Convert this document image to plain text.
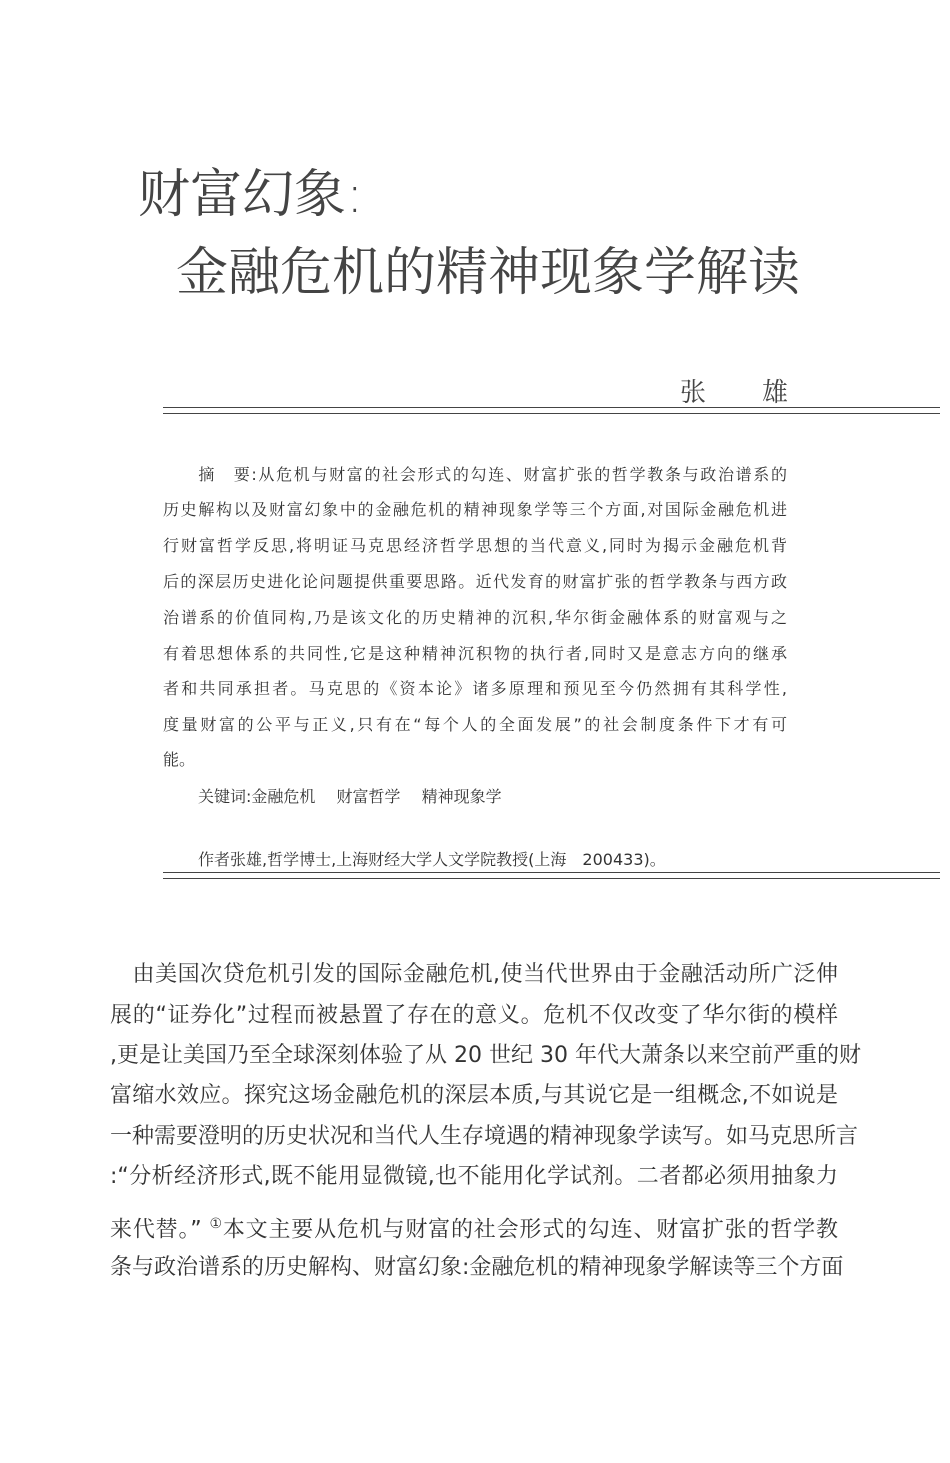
财富幻象:
金融危机的精神现象学解读
张雄
　　摘　要:从危机与财富的社会形式的勾连、财富扩张的哲学教条与政治谱系的
历史解构以及财富幻象中的金融危机的精神现象学等三个方面,对国际金融危机进
行财富哲学反思,将明证马克思经济哲学思想的当代意义,同时为揭示金融危机背
后的深层历史进化论问题提供重要思路。近代发育的财富扩张的哲学教条与西方政
治谱系的价值同构,乃是该文化的历史精神的沉积,华尔街金融体系的财富观与之
有着思想体系的共同性,它是这种精神沉积物的执行者,同时又是意志方向的继承
者和共同承担者。马克思的《资本论》诸多原理和预见至今仍然拥有其科学性,
度量财富的公平与正义,只有在“每个人的全面发展”的社会制度条件下才有可
能。
关键词:金融危机　 财富哲学　 精神现象学
作者张雄,哲学博士,上海财经大学人文学院教授(上海　200433)。
　由美国次贷危机引发的国际金融危机,使当代世界由于金融活动所广泛伸
展的“证券化”过程而被悬置了存在的意义。危机不仅改变了华尔街的模样
,更是让美国乃至全球深刻体验了从 20 世纪 30 年代大萧条以来空前严重的财
富缩水效应。探究这场金融危机的深层本质,与其说它是一组概念,不如说是
一种需要澄明的历史状况和当代人生存境遇的精神现象学读写。如马克思所言
:“分析经济形式,既不能用显微镜,也不能用化学试剂。二者都必须用抽象力
来代替。” ①本文主要从危机与财富的社会形式的勾连、财富扩张的哲学教
条与政治谱系的历史解构、财富幻象:金融危机的精神现象学解读等三个方面
